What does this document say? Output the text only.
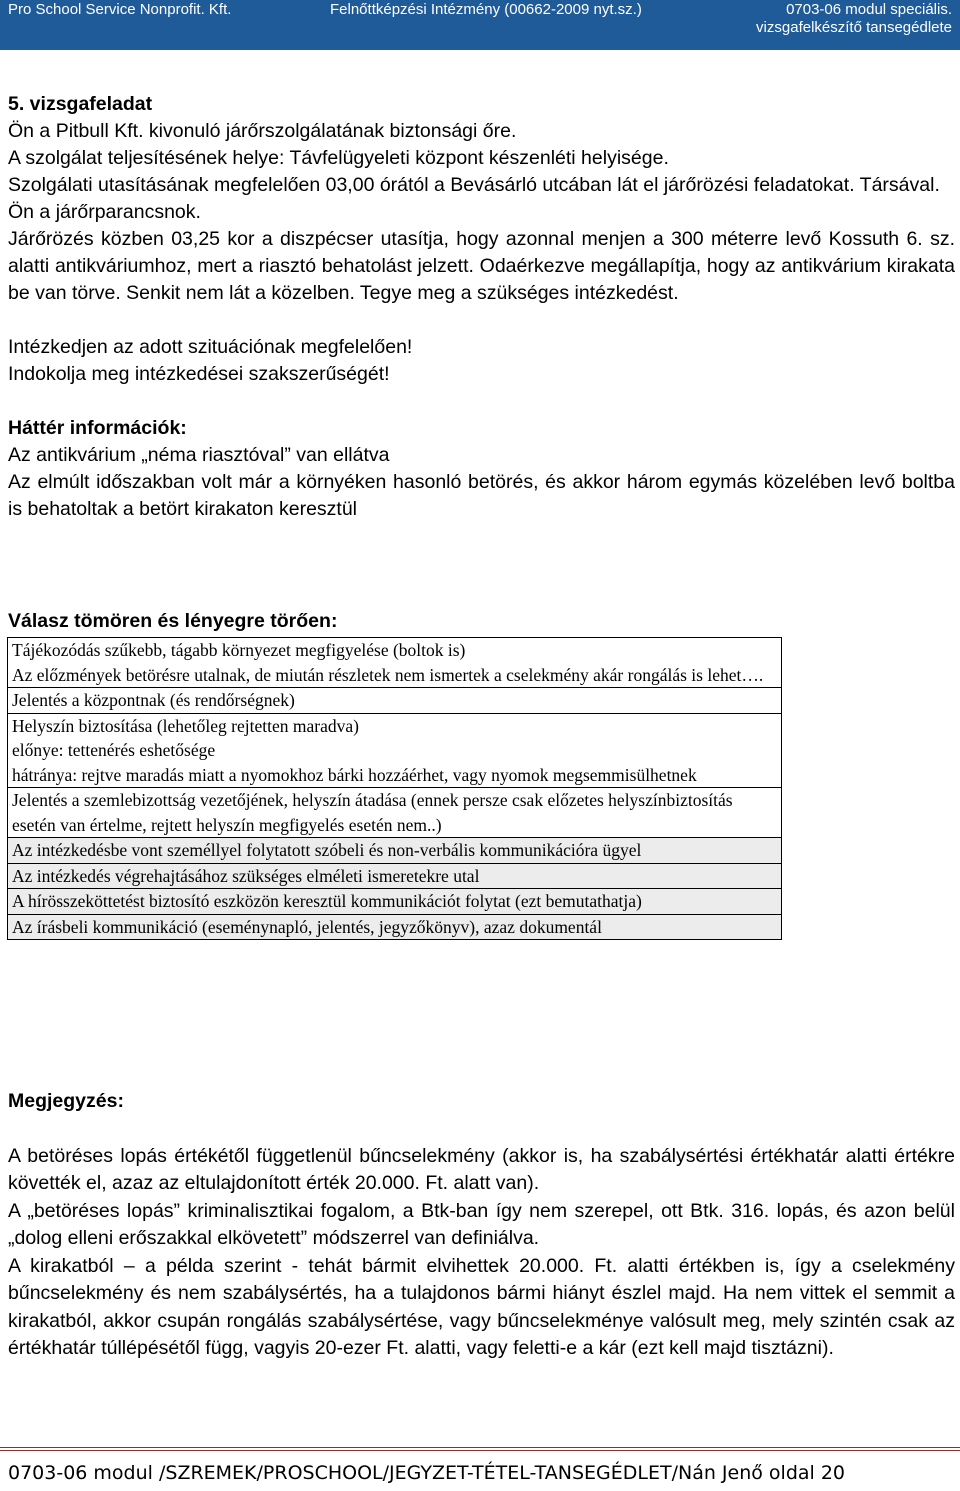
Pro School Service Nonprofit. Kft.	Felnőttképzési Intézmény (00662-2009 nyt.sz.)	0703-06 modul speciális.
vizsgafelkészítő tansegédlete

5. vizsgafeladat

Ön a Pitbull Kft. kivonuló járőrszolgálatának biztonsági őre.

A szolgálat teljesítésének helye: Távfelügyeleti központ készenléti helyisége.

Szolgálati utasításának megfelelően 03,00 órától a Bevásárló utcában lát el járőrözési feladatokat. Társával.

Ön a járőrparancsnok.

Járőrözés közben 03,25 kor a diszpécser utasítja, hogy azonnal menjen a 300 méterre levő Kossuth 6. sz. alatti antikváriumhoz, mert a riasztó behatolást jelzett. Odaérkezve megállapítja, hogy az antikvárium kirakata be van törve. Senkit nem lát a közelben. Tegye meg a szükséges intézkedést.

Intézkedjen az adott szituációnak megfelelően!

Indokolja meg intézkedései szakszerűségét!

Háttér információk:

Az antikvárium „néma riasztóval” van ellátva

Az elmúlt időszakban volt már a környéken hasonló betörés, és akkor három egymás közelében levő boltba is behatoltak a betört kirakaton keresztül

Válasz tömören és lényegre törően:
Tájékozódás szűkebb, tágabb környezet megfigyelése (boltok is)
Az előzmények betörésre utalnak, de miután részletek nem ismertek a cselekmény akár rongálás is lehet….

Jelentés a központnak (és rendőrségnek)

Helyszín biztosítása (lehetőleg rejtetten maradva)
előnye: tettenérés eshetősége
hátránya: rejtve maradás miatt a nyomokhoz bárki hozzáérhet, vagy nyomok megsemmisülhetnek

Jelentés a szemlebizottság vezetőjének, helyszín átadása (ennek persze csak előzetes helyszínbiztosítás esetén van értelme, rejtett helyszín megfigyelés esetén nem..)

Az intézkedésbe vont személlyel folytatott szóbeli és non-verbális kommunikációra ügyel

Az intézkedés végrehajtásához szükséges elméleti ismeretekre utal

A hírösszeköttetést biztosító eszközön keresztül kommunikációt folytat (ezt bemutathatja)

Az írásbeli kommunikáció (eseménynapló, jelentés, jegyzőkönyv), azaz dokumentál

Megjegyzés:

A betöréses lopás értékétől függetlenül bűncselekmény (akkor is, ha szabálysértési értékhatár alatti értékre követték el, azaz az eltulajdonított érték 20.000. Ft. alatt van).

A „betöréses lopás” kriminalisztikai fogalom, a Btk-ban így nem szerepel, ott Btk. 316. lopás, és azon belül „dolog elleni erőszakkal elkövetett” módszerrel van definiálva.

A kirakatból – a példa szerint - tehát bármit elvihettek 20.000. Ft. alatti értékben is, így a cselekmény bűncselekmény és nem szabálysértés, ha a tulajdonos bármi hiányt észlel majd. Ha nem vittek el semmit a kirakatból, akkor csupán rongálás szabálysértése, vagy bűncselekménye valósult meg, mely szintén csak az értékhatár túllépésétől függ, vagyis 20-ezer Ft. alatti, vagy feletti-e a kár (ezt kell majd tisztázni).

0703-06 modul /SZREMEK/PROSCHOOL/JEGYZET-TÉTEL-TANSEGÉDLET/Nán Jenő oldal 20
